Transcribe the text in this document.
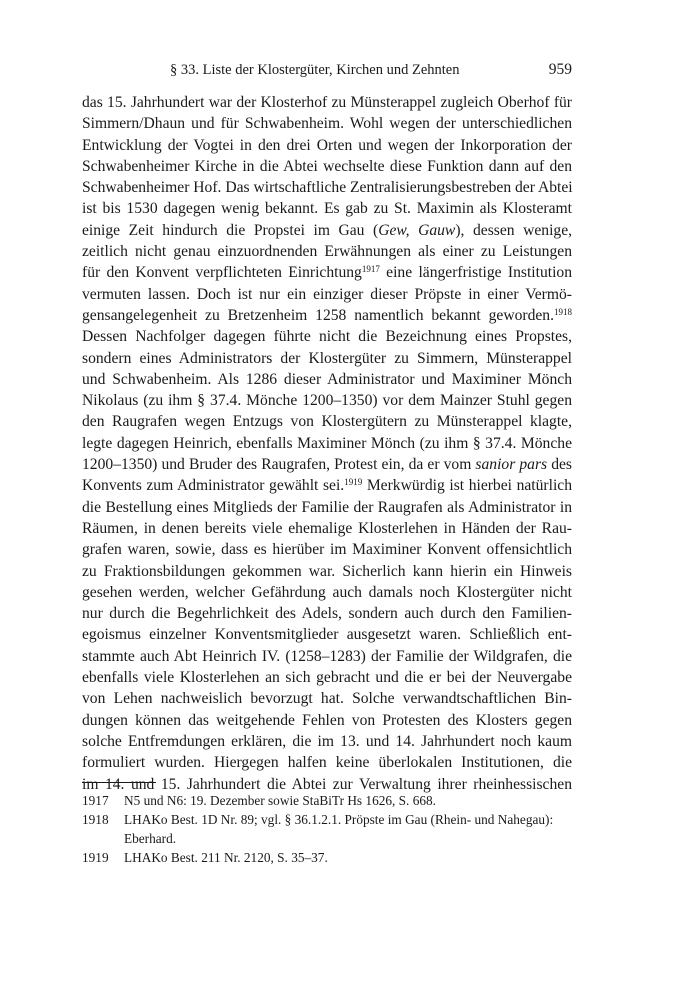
§ 33. Liste der Klostergüter, Kirchen und Zehnten	959
das 15. Jahrhundert war der Klosterhof zu Münsterappel zugleich Oberhof für
Simmern/Dhaun und für Schwabenheim. Wohl wegen der unterschiedlichen
Entwicklung der Vogtei in den drei Orten und wegen der Inkorporation der
Schwabenheimer Kirche in die Abtei wechselte diese Funktion dann auf den
Schwabenheimer Hof. Das wirtschaftliche Zentralisierungsbestreben der Abtei
ist bis 1530 dagegen wenig bekannt. Es gab zu St. Maximin als Klosteramt
einige Zeit hindurch die Propstei im Gau (Gew, Gauw), dessen wenige,
zeitlich nicht genau einzuordnenden Erwähnungen als einer zu Leistungen
für den Konvent verpflichteten Einrichtung$^{1917}$ eine längerfristige Institution
vermuten lassen. Doch ist nur ein einziger dieser Pröpste in einer Vermö-
gensangelegenheit zu Bretzenheim 1258 namentlich bekannt geworden.$^{1918}$
Dessen Nachfolger dagegen führte nicht die Bezeichnung eines Propstes,
sondern eines Administrators der Klostergüter zu Simmern, Münsterappel
und Schwabenheim. Als 1286 dieser Administrator und Maximiner Mönch
Nikolaus (zu ihm § 37.4. Mönche 1200–1350) vor dem Mainzer Stuhl gegen
den Raugrafen wegen Entzugs von Klostergütern zu Münsterappel klagte,
legte dagegen Heinrich, ebenfalls Maximiner Mönch (zu ihm § 37.4. Mönche
1200–1350) und Bruder des Raugrafen, Protest ein, da er vom sanior pars des
Konvents zum Administrator gewählt sei.$^{1919}$ Merkwürdig ist hierbei natürlich
die Bestellung eines Mitglieds der Familie der Raugrafen als Administrator in
Räumen, in denen bereits viele ehemalige Klosterlehen in Händen der Rau-
grafen waren, sowie, dass es hierüber im Maximiner Konvent offensichtlich
zu Fraktionsbildungen gekommen war. Sicherlich kann hierin ein Hinweis
gesehen werden, welcher Gefährdung auch damals noch Klostergüter nicht
nur durch die Begehrlichkeit des Adels, sondern auch durch den Familien-
egoismus einzelner Konventsmitglieder ausgesetzt waren. Schließlich ent-
stammte auch Abt Heinrich IV. (1258–1283) der Familie der Wildgrafen, die
ebenfalls viele Klosterlehen an sich gebracht und die er bei der Neuvergabe
von Lehen nachweislich bevorzugt hat. Solche verwandtschaftlichen Bin-
dungen können das weitgehende Fehlen von Protesten des Klosters gegen
solche Entfremdungen erklären, die im 13. und 14. Jahrhundert noch kaum
formuliert wurden. Hiergegen halfen keine überlokalen Institutionen, die
im 14. und 15. Jahrhundert die Abtei zur Verwaltung ihrer rheinhessischen
1917 N5 und N6: 19. Dezember sowie StaBiTr Hs 1626, S. 668.
1918 LHAKo Best. 1D Nr. 89; vgl. § 36.1.2.1. Pröpste im Gau (Rhein- und Nahegau):
Eberhard.
1919 LHAKo Best. 211 Nr. 2120, S. 35–37.
